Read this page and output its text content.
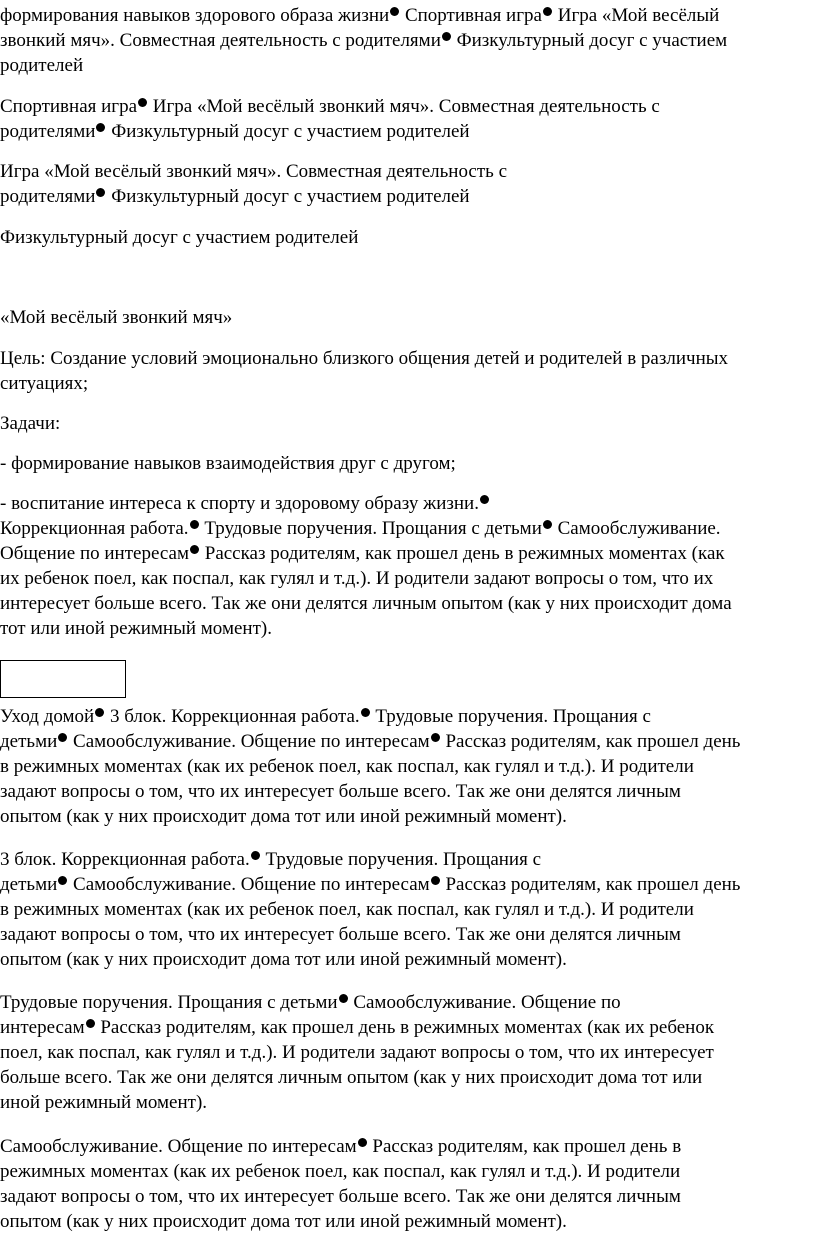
формирования навыков здорового образа жизни Спортивная игра Игра «Мой весёлый
звонкий мяч». Совместная деятельность с родителями Физкультурный досуг с участием
родителей

Спортивная игра Игра «Мой весёлый звонкий мяч». Совместная деятельность с
родителями Физкультурный досуг с участием родителей

Игра «Мой весёлый звонкий мяч». Совместная деятельность с
родителями Физкультурный досуг с участием родителей

Физкультурный досуг с участием родителей

«Мой весёлый звонкий мяч»

Цель: Создание условий эмоционально близкого общения детей и родителей в различных
ситуациях;

Задачи:

- формирование навыков взаимодействия друг с другом;

- воспитание интереса к спорту и здоровому образу жизни.
Коррекционная работа. Трудовые поручения. Прощания с детьми Самообслуживание.
Общение по интересам Рассказ родителям, как прошел день в режимных моментах (как
их ребенок поел, как поспал, как гулял и т.д.). И родители задают вопросы о том, что их
интересует больше всего. Так же они делятся личным опытом (как у них происходит дома
тот или иной режимный момент).

Уход домой 3 блок. Коррекционная работа. Трудовые поручения. Прощания с
детьми Самообслуживание. Общение по интересам Рассказ родителям, как прошел день
в режимных моментах (как их ребенок поел, как поспал, как гулял и т.д.). И родители
задают вопросы о том, что их интересует больше всего. Так же они делятся личным
опытом (как у них происходит дома тот или иной режимный момент).

3 блок. Коррекционная работа. Трудовые поручения. Прощания с
детьми Самообслуживание. Общение по интересам Рассказ родителям, как прошел день
в режимных моментах (как их ребенок поел, как поспал, как гулял и т.д.). И родители
задают вопросы о том, что их интересует больше всего. Так же они делятся личным
опытом (как у них происходит дома тот или иной режимный момент).

Трудовые поручения. Прощания с детьми Самообслуживание. Общение по
интересам Рассказ родителям, как прошел день в режимных моментах (как их ребенок
поел, как поспал, как гулял и т.д.). И родители задают вопросы о том, что их интересует
больше всего. Так же они делятся личным опытом (как у них происходит дома тот или
иной режимный момент).

Самообслуживание. Общение по интересам Рассказ родителям, как прошел день в
режимных моментах (как их ребенок поел, как поспал, как гулял и т.д.). И родители
задают вопросы о том, что их интересует больше всего. Так же они делятся личным
опытом (как у них происходит дома тот или иной режимный момент).
